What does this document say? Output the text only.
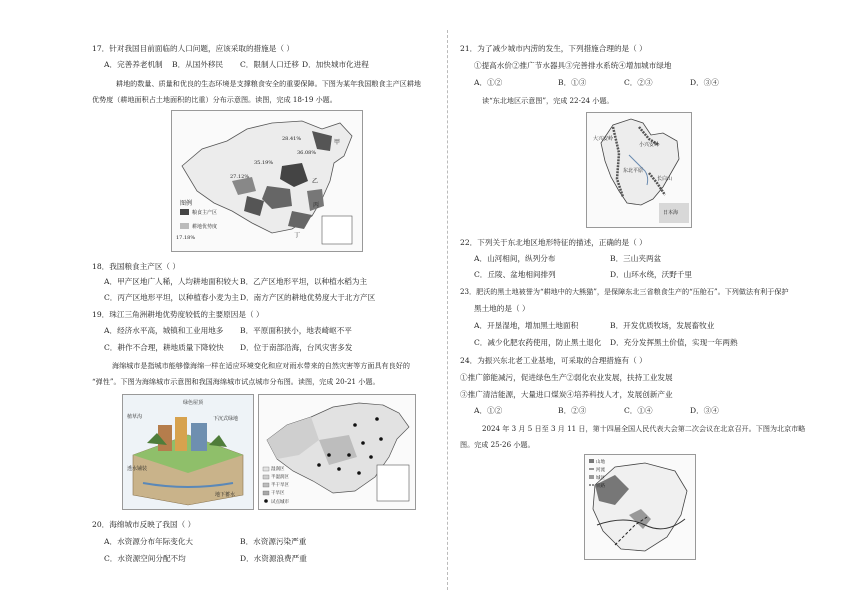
17．针对我国目前面临的人口问题，应该采取的措施是（ ）
A．完善养老机制 B．从国外移民 C．限制人口迁移 D．加快城市化进程
耕地的数量、质量和优良的生态环境是支撑粮食安全的重要保障。下图为某年我国粮食主产区耕地
优势度（耕地面积占土地面积的比重）分布示意图。读图，完成 18-19 小题。
28.41%
36.08%
35.19%
27.12%
17.18%
甲
乙
丙
丁
图例
粮食主产区
耕地优势度
18．我国粮食主产区（ ）
A．甲产区地广人稀，人均耕地面积较大 B．乙产区地形平坦，以种植水稻为主
C．丙产区地形平坦，以种植春小麦为主 D．南方产区的耕地优势度大于北方产区
19．珠江三角洲耕地优势度较低的主要原因是（ ）
A．经济水平高，城镇和工业用地多 B．平原面积狭小，地表崎岖不平
C．耕作不合理，耕地质量下降较快 D．位于南部沿海，台风灾害多发
海绵城市是指城市能够像海绵一样在适应环境变化和应对雨水带来的自然灾害等方面具有良好的
“弹性”。下图为海绵城市示意图和我国海绵城市试点城市分布图。读图，完成 20-21 小题。
绿色屋顶
植草沟	下沉式绿地
地下蓄水
透水铺装	湿润区
半湿润区
半干旱区
干旱区
试点城市
20．海绵城市反映了我国（ ）
A．水资源分布年际变化大	B．水资源污染严重
C．水资源空间分配不均	D．水资源浪费严重
21．为了减少城市内涝的发生，下列措施合理的是（ ）
①提高水价②推广节水器具③完善排水系统④增加城市绿地
A．①②	B．①③	C．②③	D．③④
读“东北地区示意图”，完成 22-24 小题。
大兴安岭
小兴安岭
长白山
东北平原
日本海
22．下列关于东北地区地形特征的描述，正确的是（ ）
A．山河相间，纵列分布	B．三山夹两盆
C．丘陵、盆地相间排列	D．山环水绕，沃野千里
23．肥沃的黑土地被誉为“耕地中的大熊猫”，是保障东北三省粮食生产的“压舱石”。下列做法有利于保护
黑土地的是（ ）
A．开垦湿地，增加黑土地面积	B．开发优质牧场，发展畜牧业
C．减少化肥农药使用，防止黑土退化 D．充分发挥黑土价值，实现一年两熟
24．为振兴东北老工业基地，可采取的合理措施有（ ）
①推广節能减污，促进绿色生产②弱化农业发展，扶持工业发展
③推广清洁能源，大量进口煤炭④培养科技人才，发展创新产业
A．①②	B．②③	C．①④	D．③④
2024 年 3 月 5 日至 3 月 11 日，第十四届全国人民代表大会第二次会议在北京召开。下图为北京市略
图。完成 25-26 小题。
山地
河流
城区
铁路
